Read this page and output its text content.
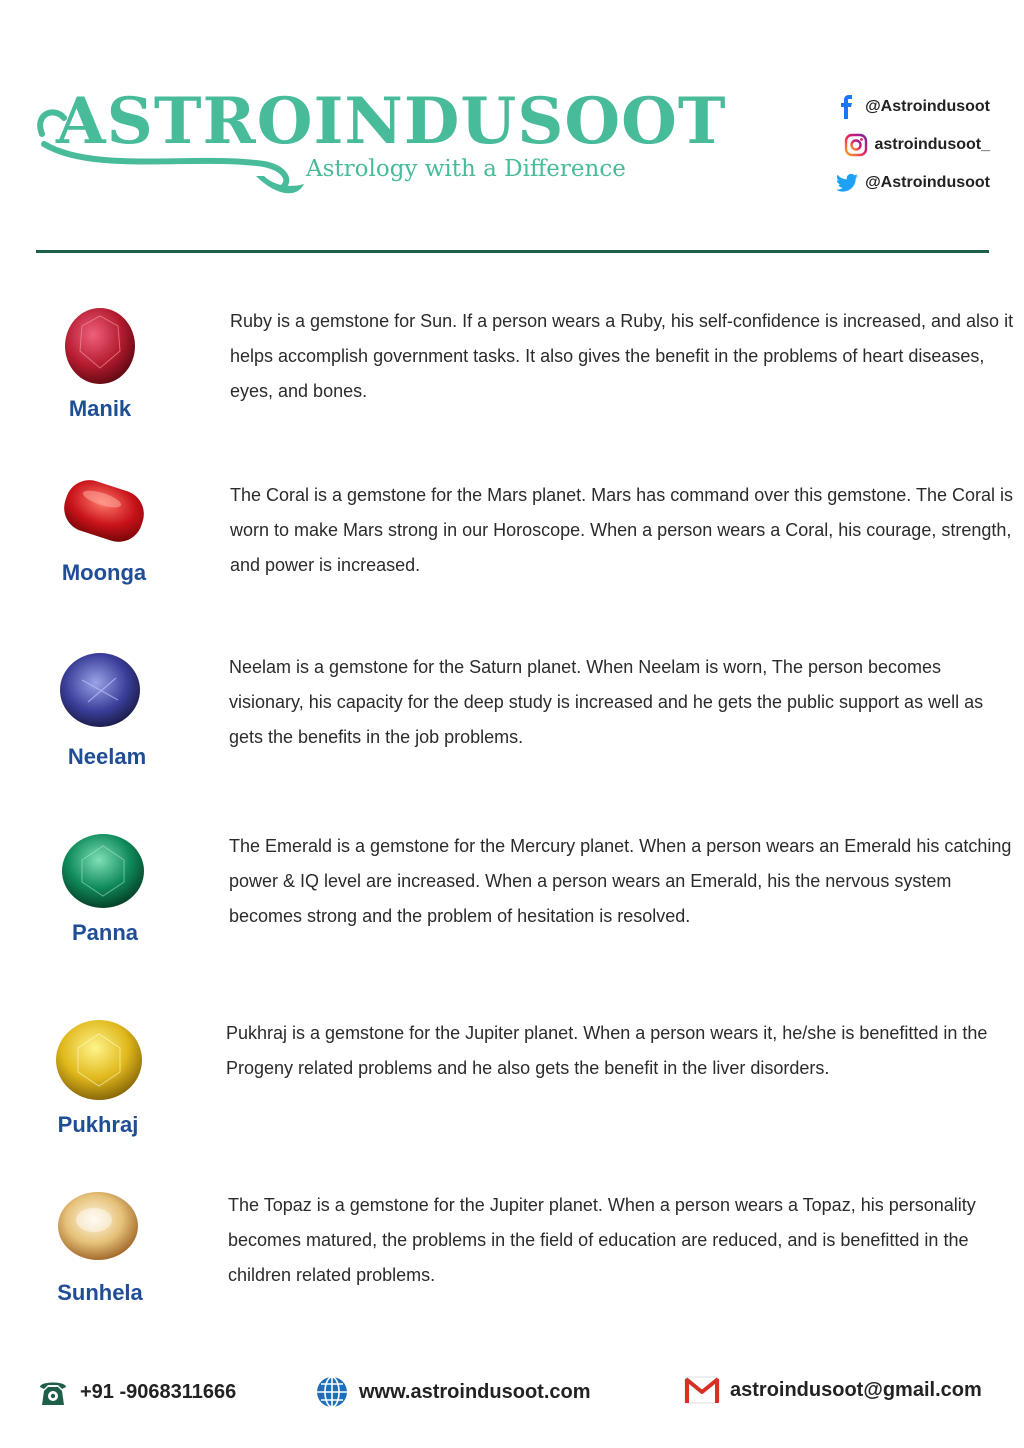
ASTROINDUSOOT
Astrology with a Difference
@Astroindusoot
astroindusoot_
@Astroindusoot
Manik
Ruby is a gemstone for Sun. If a person wears a Ruby, his self-confidence is increased, and also it helps accomplish government tasks. It also gives the benefit in the problems of heart diseases, eyes, and bones.
Moonga
The Coral is a gemstone for the Mars planet. Mars has command over this gemstone. The Coral is worn to make Mars strong in our Horoscope. When a person wears a Coral, his courage, strength, and power is increased.
Neelam
Neelam is a gemstone for the Saturn planet. When Neelam is worn, The person becomes visionary, his capacity for the deep study is increased and he gets the public support as well as gets the benefits in the job problems.
Panna
The Emerald is a gemstone for the Mercury planet. When a person wears an Emerald his catching power & IQ level are increased. When a person wears an Emerald, his the nervous system becomes strong and the problem of hesitation is resolved.
Pukhraj
Pukhraj is a gemstone for the Jupiter planet. When a person wears it, he/she is benefitted in the Progeny related problems and he also gets the benefit in the liver disorders.
Sunhela
The Topaz is a gemstone for the Jupiter planet. When a person wears a Topaz, his personality becomes matured, the problems in the field of education are reduced, and is benefitted in the children related problems.
+91 -9068311666	www.astroindusoot.com	astroindusoot@gmail.com
